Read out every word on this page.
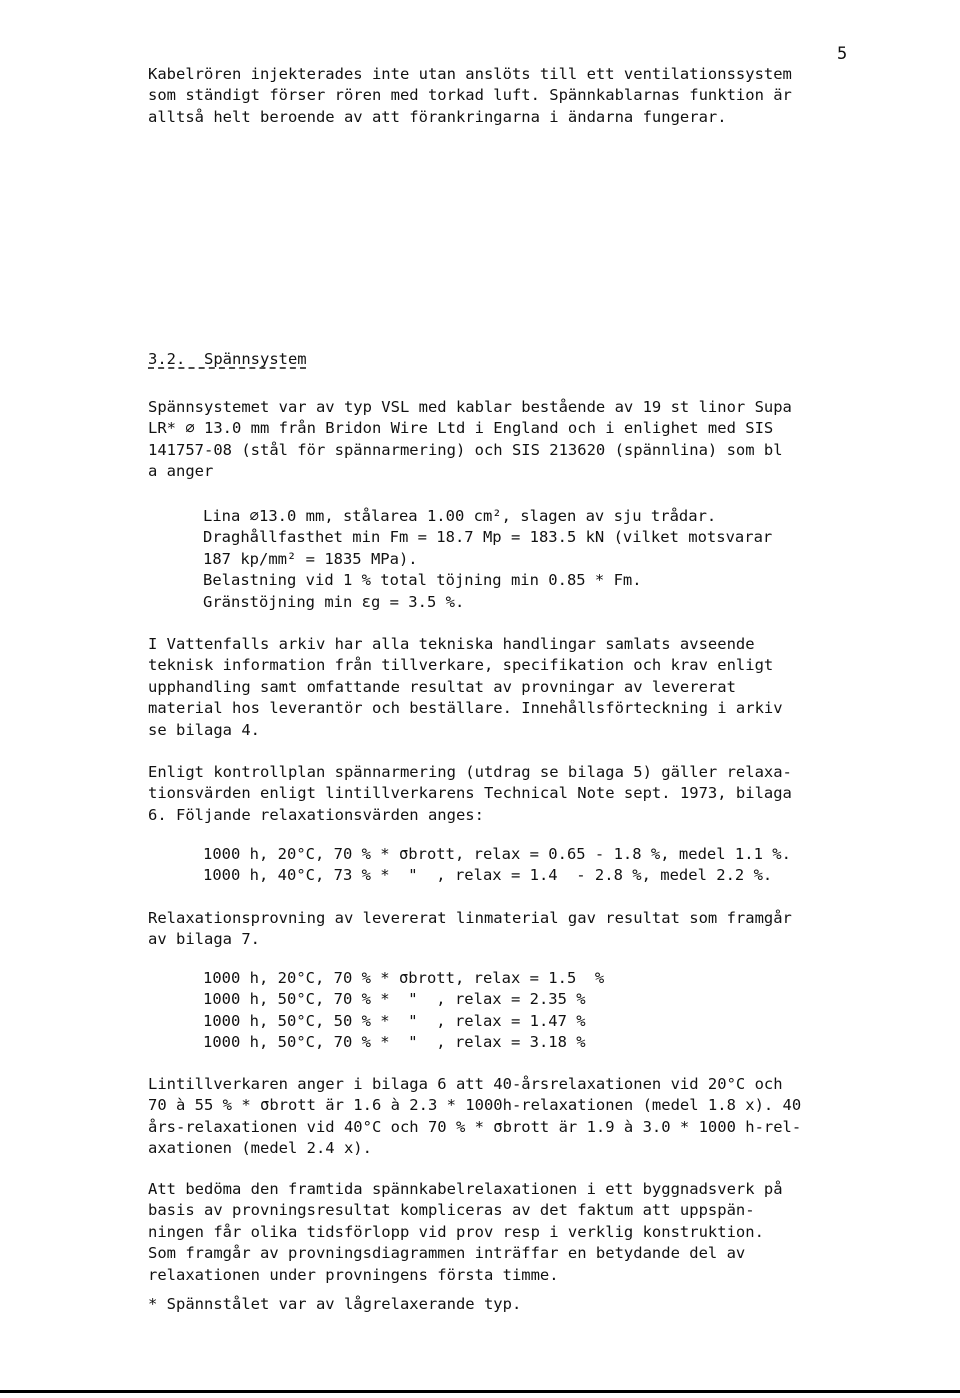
5

Kabelrören injekterades inte utan anslöts till ett ventilationssystem
som ständigt förser rören med torkad luft. Spännkablarnas funktion är
alltså helt beroende av att förankringarna i ändarna fungerar.

3.2.  Spännsystem

Spännsystemet var av typ VSL med kablar bestående av 19 st linor Supa
LR* ⌀ 13.0 mm från Bridon Wire Ltd i England och i enlighet med SIS
141757-08 (stål för spännarmering) och SIS 213620 (spännlina) som bl
a anger

Lina ⌀13.0 mm, stålarea 1.00 cm², slagen av sju trådar.
Draghållfasthet min Fm = 18.7 Mp = 183.5 kN (vilket motsvarar
187 kp/mm² = 1835 MPa).
Belastning vid 1 % total töjning min 0.85 * Fm.
Gränstöjning min εg = 3.5 %.

I Vattenfalls arkiv har alla tekniska handlingar samlats avseende
teknisk information från tillverkare, specifikation och krav enligt
upphandling samt omfattande resultat av provningar av levererat
material hos leverantör och beställare. Innehållsförteckning i arkiv
se bilaga 4.

Enligt kontrollplan spännarmering (utdrag se bilaga 5) gäller relaxa-
tionsvärden enligt lintillverkarens Technical Note sept. 1973, bilaga
6. Följande relaxationsvärden anges:

1000 h, 20°C, 70 % * σbrott, relax = 0.65 - 1.8 %, medel 1.1 %.
1000 h, 40°C, 73 % *  "  , relax = 1.4  - 2.8 %, medel 2.2 %.

Relaxationsprovning av levererat linmaterial gav resultat som framgår
av bilaga 7.

1000 h, 20°C, 70 % * σbrott, relax = 1.5  %
1000 h, 50°C, 70 % *  "  , relax = 2.35 %
1000 h, 50°C, 50 % *  "  , relax = 1.47 %
1000 h, 50°C, 70 % *  "  , relax = 3.18 %

Lintillverkaren anger i bilaga 6 att 40-årsrelaxationen vid 20°C och
70 à 55 % * σbrott är 1.6 à 2.3 * 1000h-relaxationen (medel 1.8 x). 40
års-relaxationen vid 40°C och 70 % * σbrott är 1.9 à 3.0 * 1000 h-rel-
axationen (medel 2.4 x).

Att bedöma den framtida spännkabelrelaxationen i ett byggnadsverk på
basis av provningsresultat kompliceras av det faktum att uppspän-
ningen får olika tidsförlopp vid prov resp i verklig konstruktion.
Som framgår av provningsdiagrammen inträffar en betydande del av
relaxationen under provningens första timme.

* Spännstålet var av lågrelaxerande typ.
